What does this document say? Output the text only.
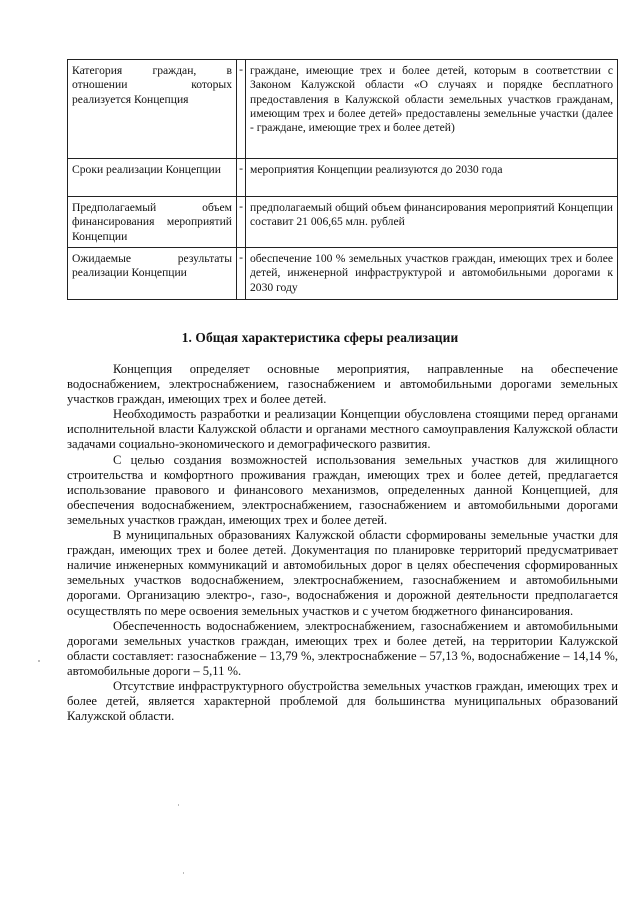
Категория граждан, в отношении которых реализуется Концепция	-	граждане, имеющие трех и более детей, которым в соответствии с Законом Калужской области «О случаях и порядке бесплатного предоставления в Калужской области земельных участков гражданам, имеющим трех и более детей» предоставлены земельные участки (далее - граждане, имеющие трех и более детей)
Сроки реализации Концепции	-	мероприятия Концепции реализуются до 2030 года
Предполагаемый объем финансирования мероприятий Концепции	-	предполагаемый общий объем финансирования мероприятий Концепции составит 21 006,65 млн. рублей
Ожидаемые результаты реализации Концепции	-	обеспечение 100 % земельных участков граждан, имеющих трех и более детей, инженерной инфраструктурой и автомобильными дорогами к 2030 году
1. Общая характеристика сферы реализации

Концепция определяет основные мероприятия, направленные на обеспечение водоснабжением, электроснабжением, газоснабжением и автомобильными дорогами земельных участков граждан, имеющих трех и более детей.

Необходимость разработки и реализации Концепции обусловлена стоящими перед органами исполнительной власти Калужской области и органами местного самоуправления Калужской области задачами социально-экономического и демографического развития.

С целью создания возможностей использования земельных участков для жилищного строительства и комфортного проживания граждан, имеющих трех и более детей, предлагается использование правового и финансового механизмов, определенных данной Концепцией, для обеспечения водоснабжением, электроснабжением, газоснабжением и автомобильными дорогами земельных участков граждан, имеющих трех и более детей.

В муниципальных образованиях Калужской области сформированы земельные участки для граждан, имеющих трех и более детей. Документация по планировке территорий предусматривает наличие инженерных коммуникаций и автомобильных дорог в целях обеспечения сформированных земельных участков водоснабжением, электроснабжением, газоснабжением и автомобильными дорогами. Организацию электро-, газо-, водоснабжения и дорожной деятельности предполагается осуществлять по мере освоения земельных участков и с учетом бюджетного финансирования.

Обеспеченность водоснабжением, электроснабжением, газоснабжением и автомобильными дорогами земельных участков граждан, имеющих трех и более детей, на территории Калужской области составляет: газоснабжение – 13,79 %, электроснабжение – 57,13 %, водоснабжение – 14,14 %, автомобильные дороги – 5,11 %.

Отсутствие инфраструктурного обустройства земельных участков граждан, имеющих трех и более детей, является характерной проблемой для большинства муниципальных образований Калужской области.
